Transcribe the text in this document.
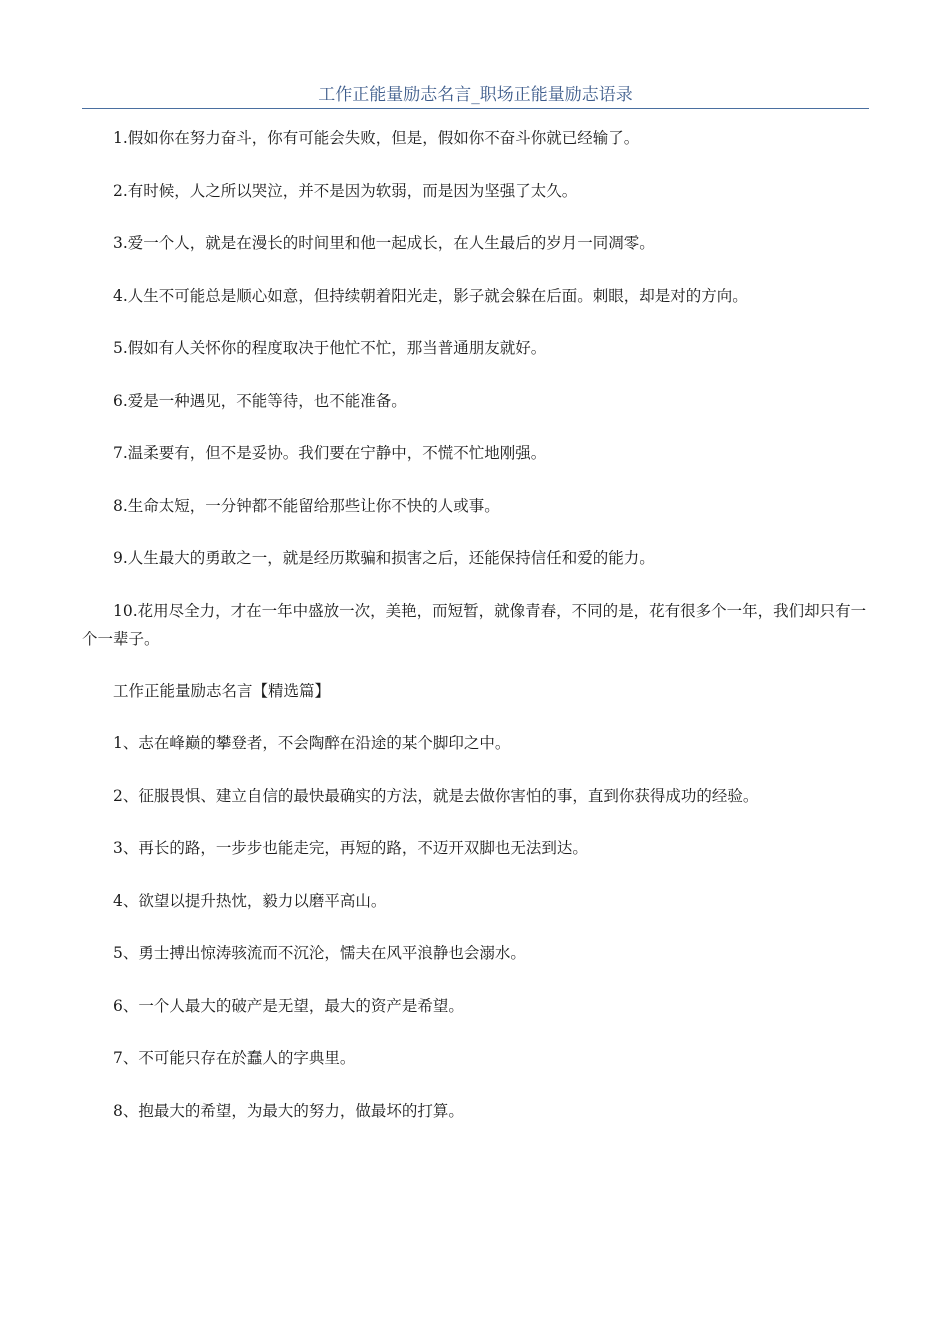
工作正能量励志名言_职场正能量励志语录

1.假如你在努力奋斗，你有可能会失败，但是，假如你不奋斗你就已经输了。

2.有时候，人之所以哭泣，并不是因为软弱，而是因为坚强了太久。

3.爱一个人，就是在漫长的时间里和他一起成长，在人生最后的岁月一同凋零。

4.人生不可能总是顺心如意，但持续朝着阳光走，影子就会躲在后面。刺眼，却是对的方向。

5.假如有人关怀你的程度取决于他忙不忙，那当普通朋友就好。

6.爱是一种遇见，不能等待，也不能准备。

7.温柔要有，但不是妥协。我们要在宁静中，不慌不忙地刚强。

8.生命太短，一分钟都不能留给那些让你不快的人或事。

9.人生最大的勇敢之一，就是经历欺骗和损害之后，还能保持信任和爱的能力。

10.花用尽全力，才在一年中盛放一次，美艳，而短暂，就像青春，不同的是，花有很多个一年，我们却只有一个一辈子。

工作正能量励志名言【精选篇】

1、志在峰巅的攀登者，不会陶醉在沿途的某个脚印之中。

2、征服畏惧、建立自信的最快最确实的方法，就是去做你害怕的事，直到你获得成功的经验。

3、再长的路，一步步也能走完，再短的路，不迈开双脚也无法到达。

4、欲望以提升热忱，毅力以磨平高山。

5、勇士搏出惊涛骇流而不沉沦，懦夫在风平浪静也会溺水。

6、一个人最大的破产是无望，最大的资产是希望。

7、不可能只存在於蠢人的字典里。

8、抱最大的希望，为最大的努力，做最坏的打算。
